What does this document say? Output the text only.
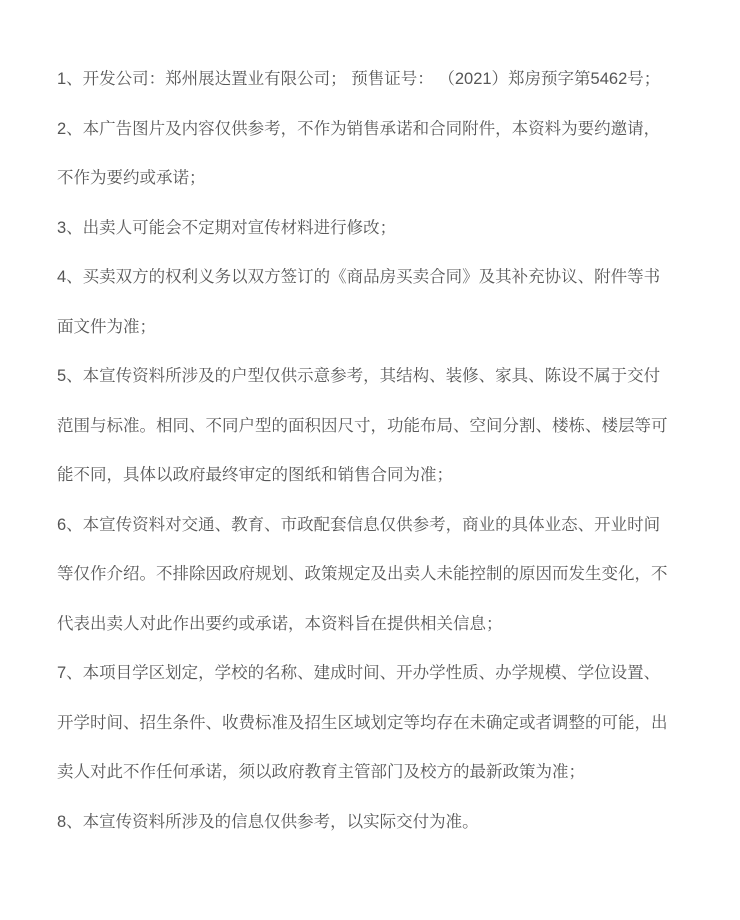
1、开发公司：郑州展达置业有限公司； 预售证号： （2021）郑房预字第5462号；

2、本广告图片及内容仅供参考，不作为销售承诺和合同附件，本资料为要约邀请，
不作为要约或承诺；

3、出卖人可能会不定期对宣传材料进行修改；

4、买卖双方的权利义务以双方签订的《商品房买卖合同》及其补充协议、附件等书
面文件为准；

5、本宣传资料所涉及的户型仅供示意参考，其结构、装修、家具、陈设不属于交付
范围与标准。相同、不同户型的面积因尺寸，功能布局、空间分割、楼栋、楼层等可
能不同，具体以政府最终审定的图纸和销售合同为准；

6、本宣传资料对交通、教育、市政配套信息仅供参考，商业的具体业态、开业时间
等仅作介绍。不排除因政府规划、政策规定及出卖人未能控制的原因而发生变化，不
代表出卖人对此作出要约或承诺，本资料旨在提供相关信息；

7、本项目学区划定，学校的名称、建成时间、开办学性质、办学规模、学位设置、
开学时间、招生条件、收费标准及招生区域划定等均存在未确定或者调整的可能，出
卖人对此不作任何承诺，须以政府教育主管部门及校方的最新政策为准；

8、本宣传资料所涉及的信息仅供参考，以实际交付为准。
